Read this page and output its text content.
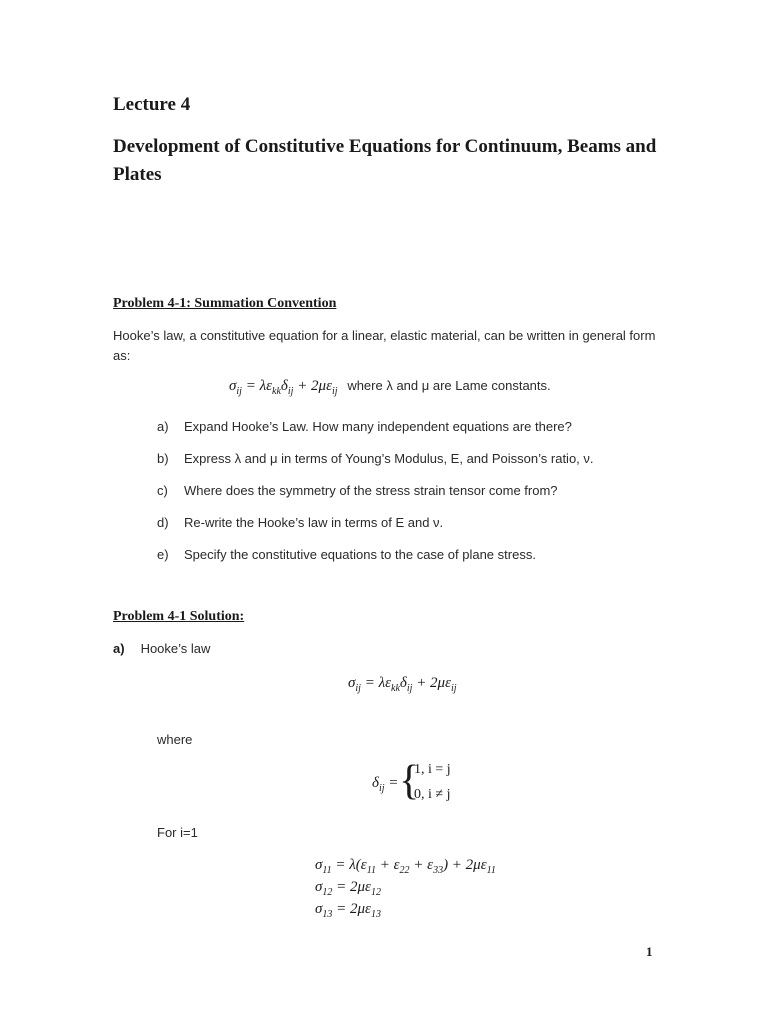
Lecture 4
Development of Constitutive Equations for Continuum, Beams and Plates
Problem 4-1: Summation Convention
Hooke’s law, a constitutive equation for a linear, elastic material, can be written in general form as:
$\sigma_{ij} = \lambda\varepsilon_{kk}\delta_{ij} + 2\mu\varepsilon_{ij}$ where λ and μ are Lame constants.
a) Expand Hooke’s Law. How many independent equations are there?
b) Express λ and μ in terms of Young’s Modulus, E, and Poisson’s ratio, ν.
c) Where does the symmetry of the stress strain tensor come from?
d) Re-write the Hooke’s law in terms of E and ν.
e) Specify the constitutive equations to the case of plane stress.
Problem 4-1 Solution:
a) Hooke’s law
$\sigma_{ij} = \lambda\varepsilon_{kk}\delta_{ij} + 2\mu\varepsilon_{ij}$
where
$\delta_{ij}$ = {
1, i = j
0, i ≠ j
For i=1
$\sigma_{11} = \lambda(\varepsilon_{11} + \varepsilon_{22} + \varepsilon_{33}) + 2\mu\varepsilon_{11}$
$\sigma_{12} = 2\mu\varepsilon_{12}$
$\sigma_{13} = 2\mu\varepsilon_{13}$
1
